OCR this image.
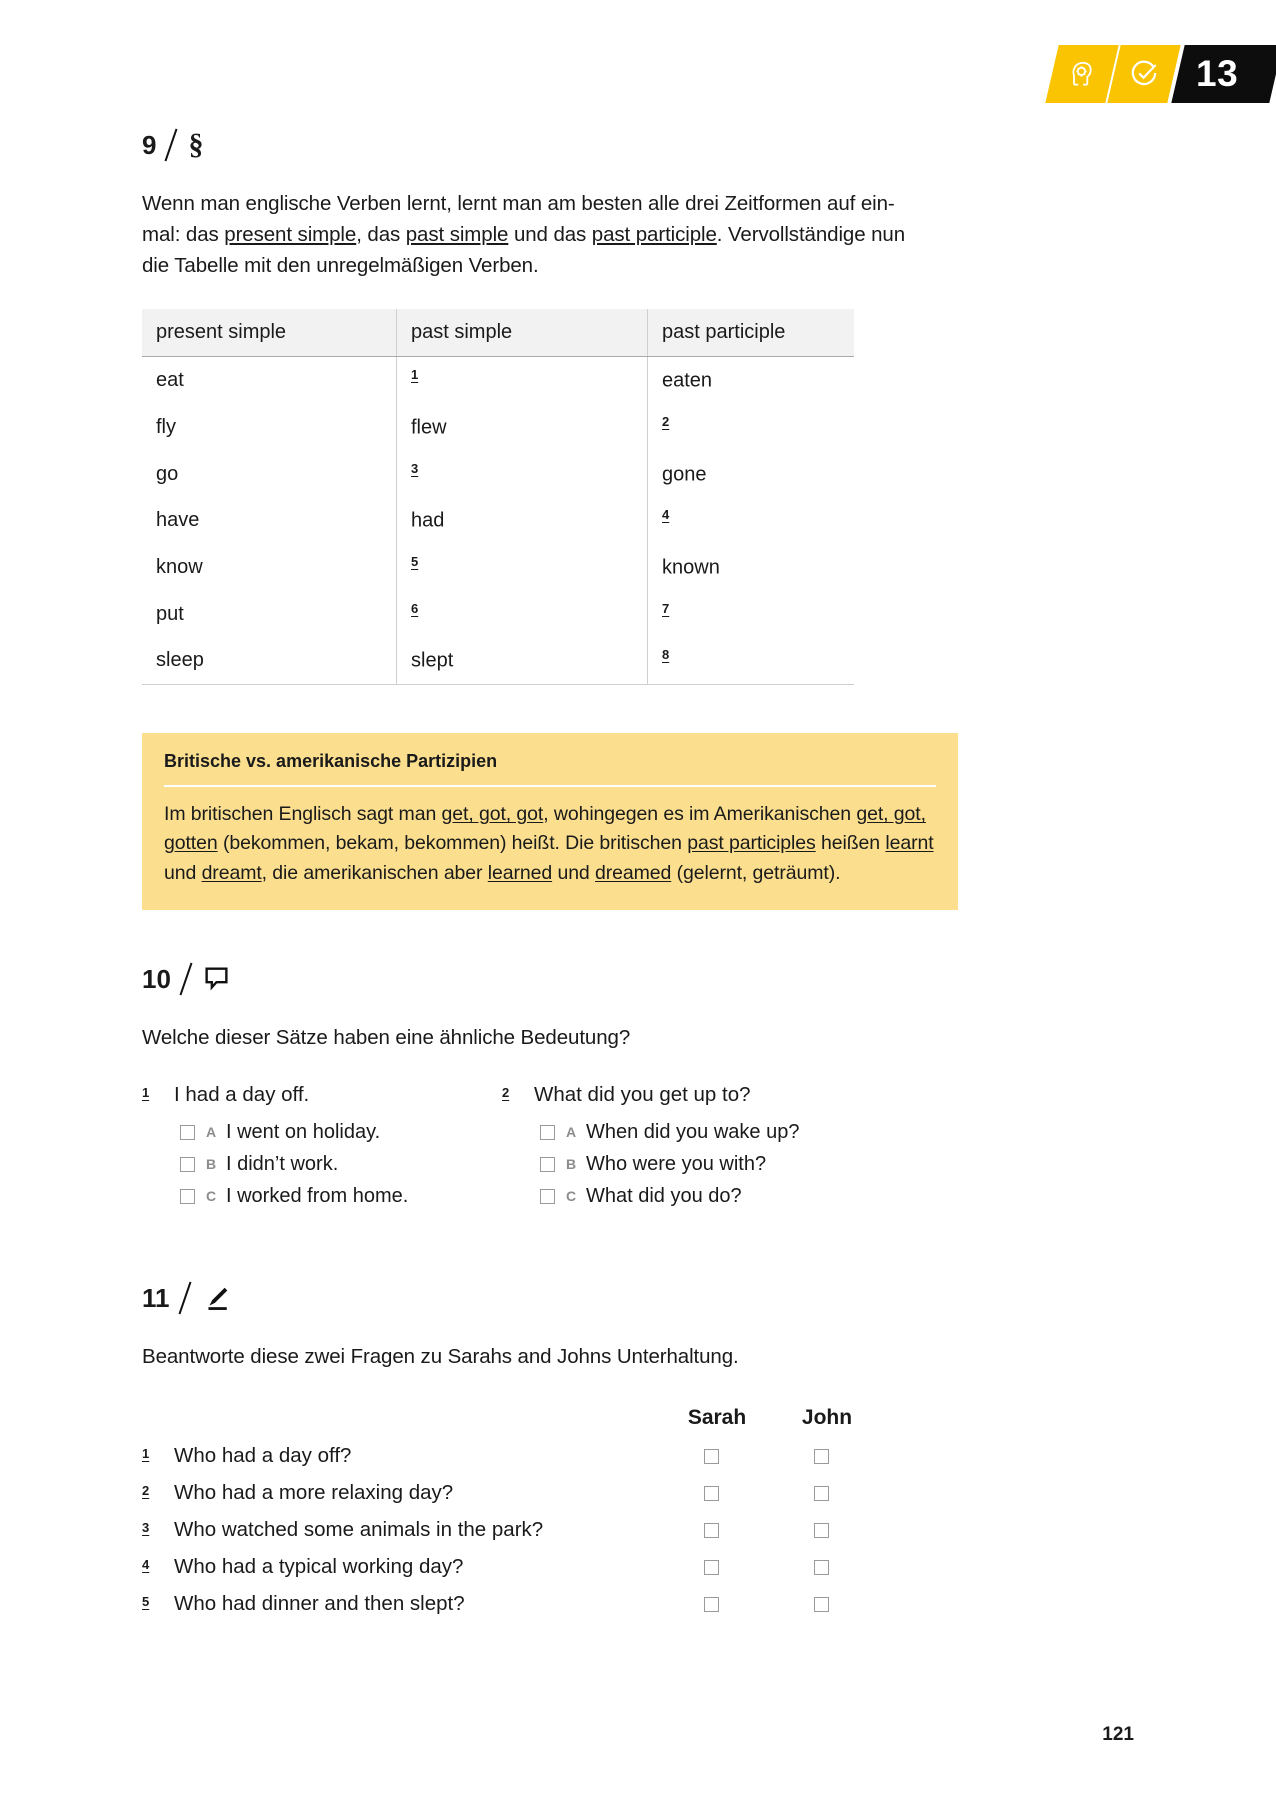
13
9 §
Wenn man englische Verben lernt, lernt man am besten alle drei Zeitformen auf ein-
mal: das present simple, das past simple und das past participle. Vervollständige nun
die Tabelle mit den unregelmäßigen Verben.
present simple	past simple	past participle
eat	$^1$	eaten
fly	flew	$^2$
go	$^3$	gone
have	had	$^4$
know	$^5$	known
put	$^6$	$^7$
sleep	slept	$^8$
Britische vs. amerikanische Partizipien
Im britischen Englisch sagt man get, got, got, wohingegen es im Amerikanischen get, got, gotten (bekommen, bekam, bekommen) heißt. Die britischen past participles heißen learnt und dreamt, die amerikanischen aber learned und dreamed (gelernt, geträumt).
10
Welche dieser Sätze haben eine ähnliche Bedeutung?
1	I had a day off.
A I went on holiday.
B I didn’t work.
C I worked from home.
2	What did you get up to?
A When did you wake up?
B Who were you with?
C What did you do?
11
Beantworte diese zwei Fragen zu Sarahs and Johns Unterhaltung.
Sarah	John
1	Who had a day off?
2	Who had a more relaxing day?
3	Who watched some animals in the park?
4	Who had a typical working day?
5	Who had dinner and then slept?
121
